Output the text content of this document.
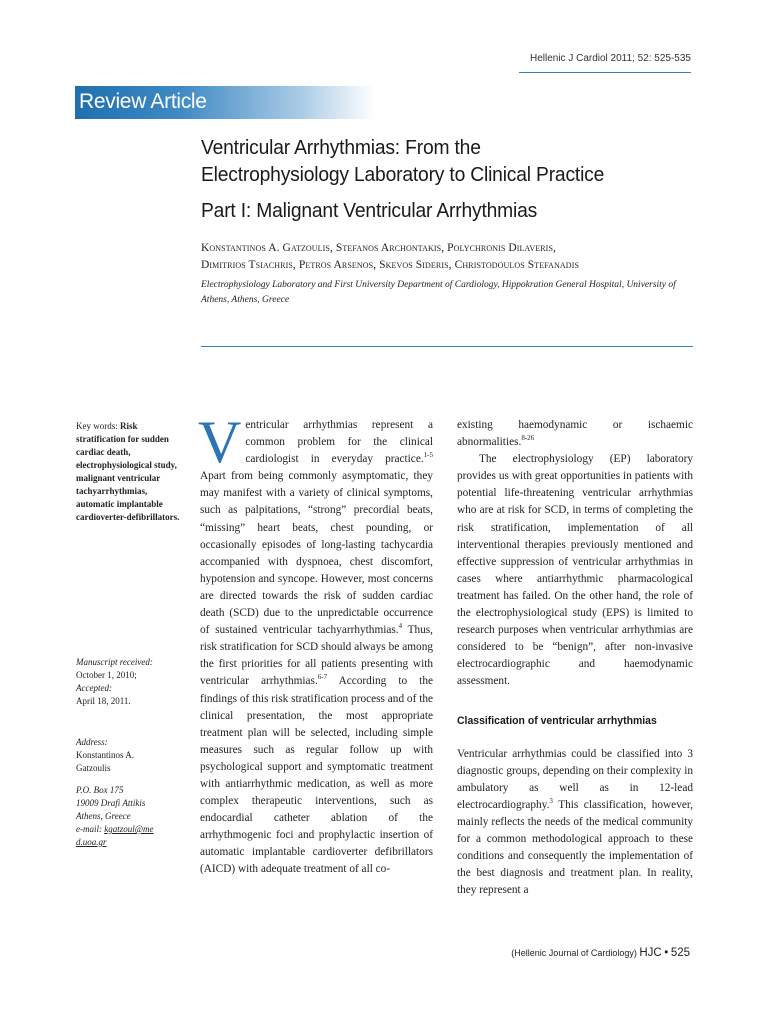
Hellenic J Cardiol 2011; 52: 525-535
Review Article
Ventricular Arrhythmias: From the
Electrophysiology Laboratory to Clinical Practice
Part I: Malignant Ventricular Arrhythmias
Konstantinos A. Gatzoulis, Stefanos Archontakis, Polychronis Dilaveris,
Dimitrios Tsiachris, Petros Arsenos, Skevos Sideris, Christodoulos Stefanadis
Electrophysiology Laboratory and First University Department of Cardiology, Hippokration General Hospital, University of Athens, Athens, Greece
Key words: Risk stratification for sudden cardiac death, electrophysiological study, malignant ventricular tachyarrhythmias, automatic implantable cardioverter-defibrillators.
Manuscript received:
October 1, 2010;
Accepted:
April 18, 2011.
Address:
Konstantinos A. Gatzoulis
P.O. Box 175
19009 Drafi Attikis
Athens, Greece
e-mail: kgatzoul@med.uoa.gr

Ventricular arrhythmias represent a common problem for the clinical cardiologist in everyday practice.$^{1-5}$ Apart from being commonly asymptomatic, they may manifest with a variety of clinical symptoms, such as palpitations, “strong” precordial beats, “missing” heart beats, chest pounding, or occasionally episodes of long-lasting tachycardia accompanied with dyspnoea, chest discomfort, hypotension and syncope. However, most concerns are directed towards the risk of sudden cardiac death (SCD) due to the unpredictable occurrence of sustained ventricular tachyarrhythmias.$^4$ Thus, risk stratification for SCD should always be among the first priorities for all patients presenting with ventricular arrhythmias.$^{6-7}$ According to the findings of this risk stratification process and of the clinical presentation, the most appropriate treatment plan will be selected, including simple measures such as regular follow up with psychological support and symptomatic treatment with antiarrhythmic medication, as well as more complex therapeutic interventions, such as endocardial catheter ablation of the arrhythmogenic foci and prophylactic insertion of automatic implantable cardioverter defibrillators (AICD) with adequate treatment of all co-

existing haemodynamic or ischaemic abnormalities.$^{8-26}$

The electrophysiology (EP) laboratory provides us with great opportunities in patients with potential life-threatening ventricular arrhythmias who are at risk for SCD, in terms of completing the risk stratification, implementation of all interventional therapies previously mentioned and effective suppression of ventricular arrhythmias in cases where antiarrhythmic pharmacological treatment has failed. On the other hand, the role of the electrophysiological study (EPS) is limited to research purposes when ventricular arrhythmias are considered to be “benign”, after non-invasive electrocardiographic and haemodynamic assessment.

Classification of ventricular arrhythmias

Ventricular arrhythmias could be classified into 3 diagnostic groups, depending on their complexity in ambulatory as well as in 12-lead electrocardiography.$^3$ This classification, however, mainly reflects the needs of the medical community for a common methodological approach to these conditions and consequently the implementation of the best diagnosis and treatment plan. In reality, they represent a

(Hellenic Journal of Cardiology) HJC • 525
